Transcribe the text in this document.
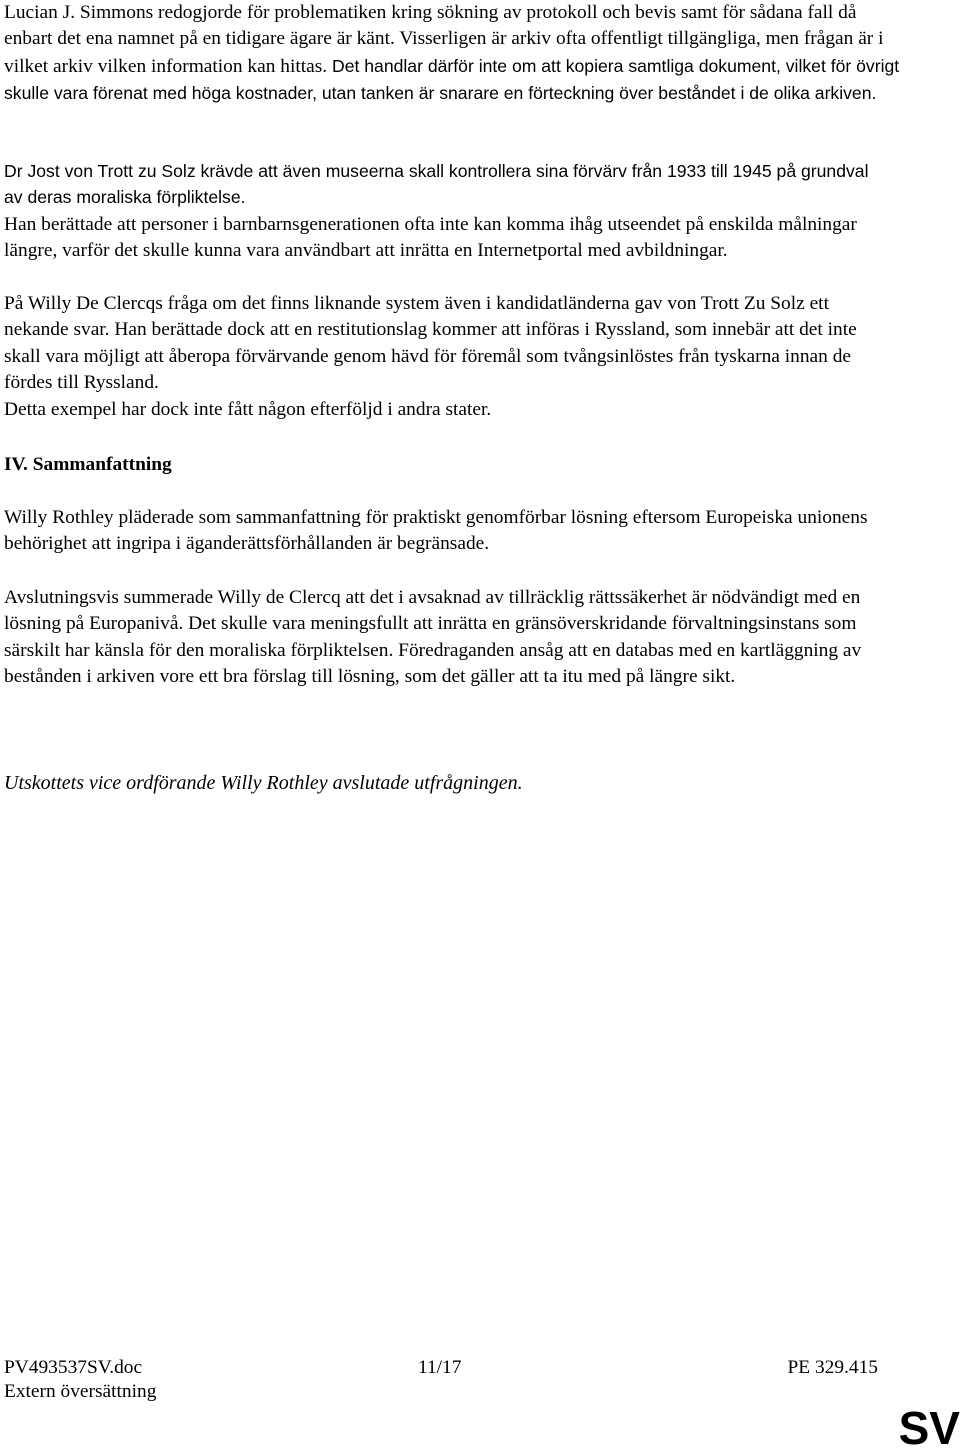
Lucian J. Simmons redogjorde för problematiken kring sökning av protokoll och bevis samt för sådana fall då enbart det ena namnet på en tidigare ägare är känt. Visserligen är arkiv ofta offentligt tillgängliga, men frågan är i vilket arkiv vilken information kan hittas. Det handlar därför inte om att kopiera samtliga dokument, vilket för övrigt skulle vara förenat med höga kostnader, utan tanken är snarare en förteckning över beståndet i de olika arkiven.

Dr Jost von Trott zu Solz krävde att även museerna skall kontrollera sina förvärv från 1933 till 1945 på grundval av deras moraliska förpliktelse.

Han berättade att personer i barnbarnsgenerationen ofta inte kan komma ihåg utseendet på enskilda målningar längre, varför det skulle kunna vara användbart att inrätta en Internetportal med avbildningar.

På Willy De Clercqs fråga om det finns liknande system även i kandidatländerna gav von Trott Zu Solz ett nekande svar. Han berättade dock att en restitutionslag kommer att införas i Ryssland, som innebär att det inte skall vara möjligt att åberopa förvärvande genom hävd för föremål som tvångsinlöstes från tyskarna innan de fördes till Ryssland.

Detta exempel har dock inte fått någon efterföljd i andra stater.

IV. Sammanfattning

Willy Rothley pläderade som sammanfattning för praktiskt genomförbar lösning eftersom Europeiska unionens behörighet att ingripa i äganderättsförhållanden är begränsade.

Avslutningsvis summerade Willy de Clercq att det i avsaknad av tillräcklig rättssäkerhet är nödvändigt med en lösning på Europanivå. Det skulle vara meningsfullt att inrätta en gränsöverskridande förvaltningsinstans som särskilt har känsla för den moraliska förpliktelsen. Föredraganden ansåg att en databas med en kartläggning av bestånden i arkiven vore ett bra förslag till lösning, som det gäller att ta itu med på längre sikt.

Utskottets vice ordförande Willy Rothley avslutade utfrågningen.

PV493537SV.doc	11/17	PE 329.415
Extern översättning
SV
